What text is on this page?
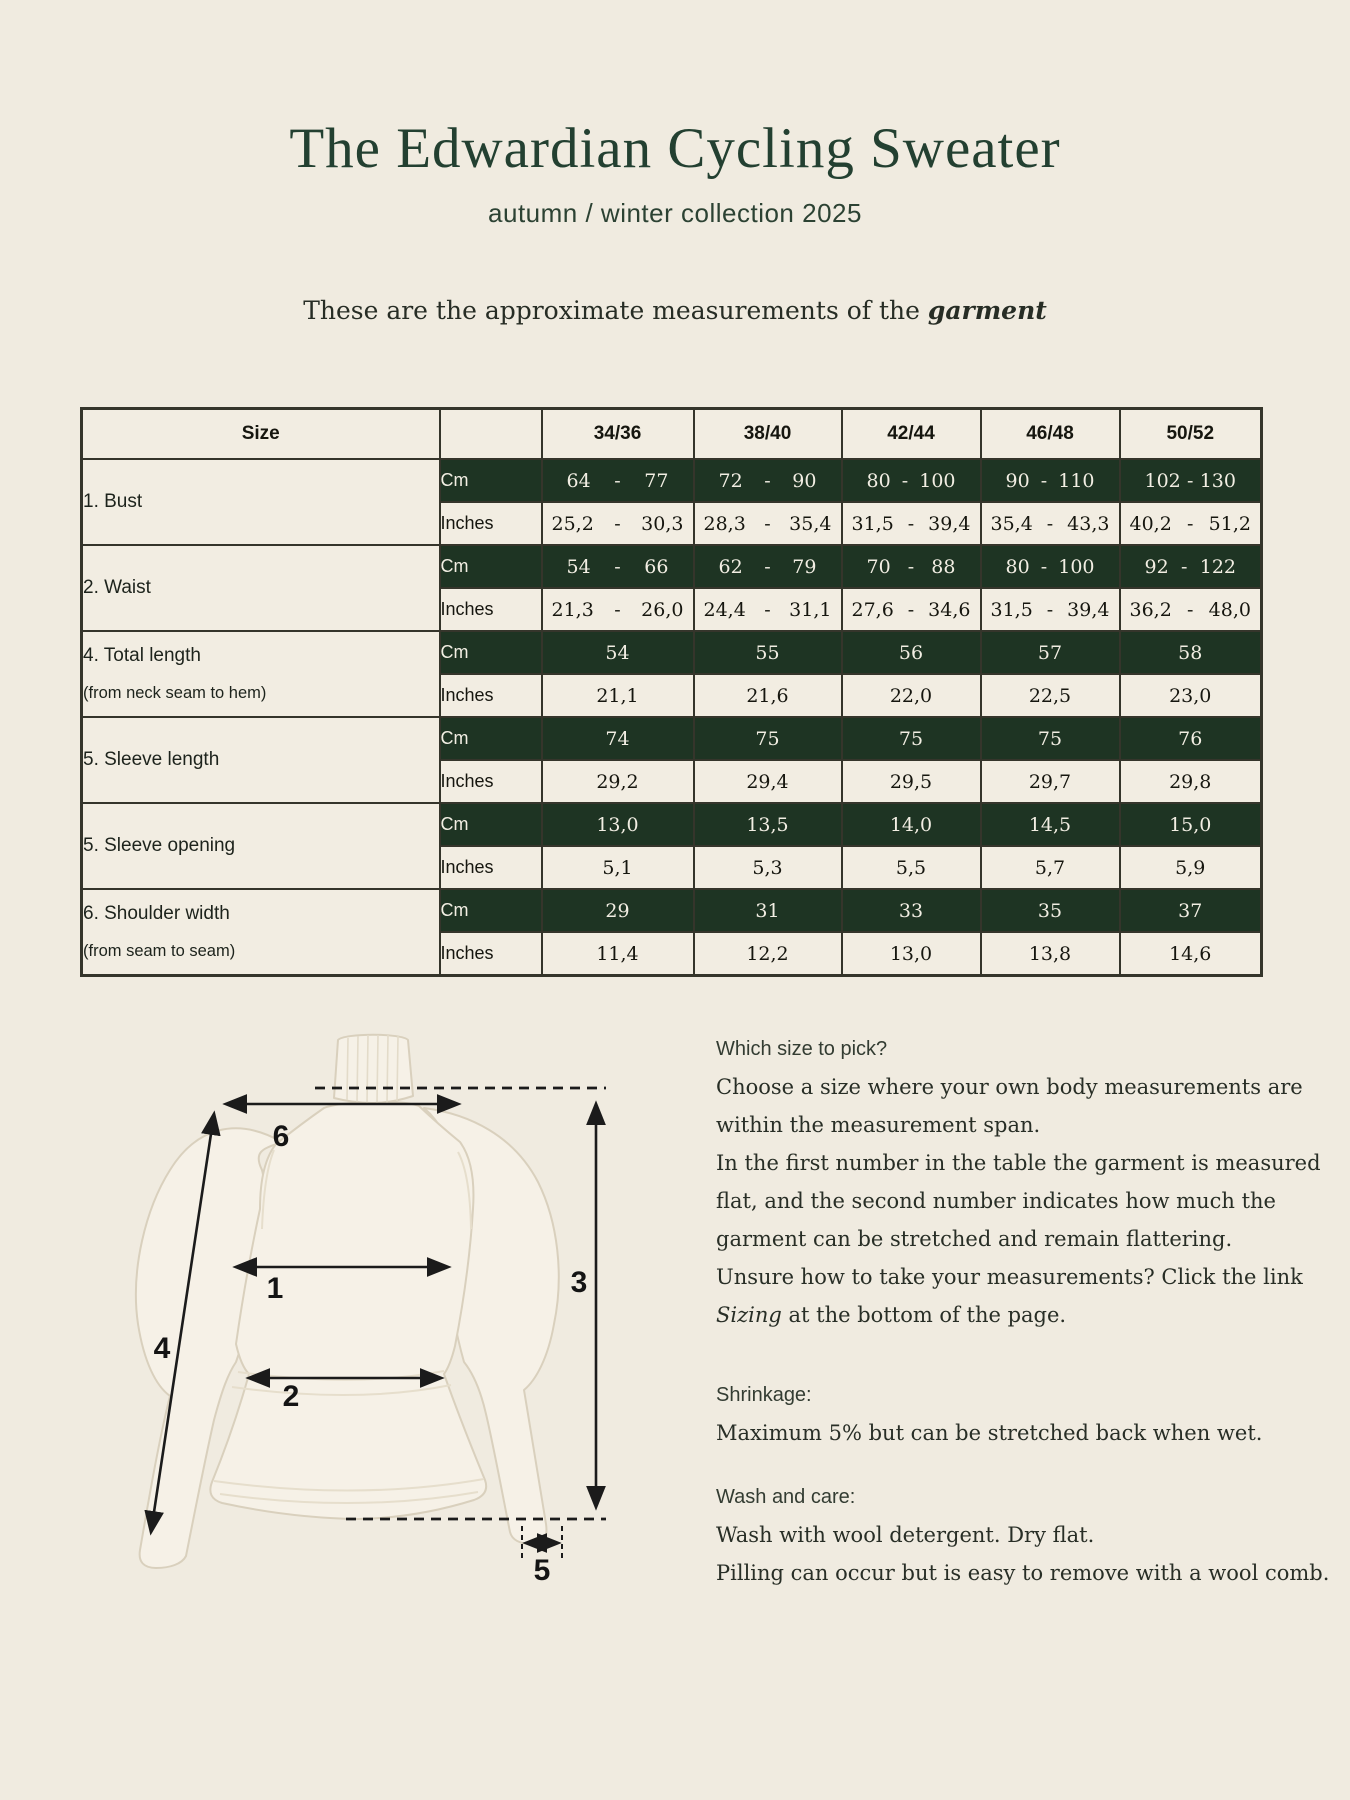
The Edwardian Cycling Sweater
autumn / winter collection 2025
These are the approximate measurements of the garment
Size		34/36	38/40	42/44	46/48	50/52

1. Bust	Cm	64 - 77	72 - 90	80 - 100	90 - 110	102 - 130

	Inches	25,2 - 30,3	28,3 - 35,4	31,5 - 39,4	35,4 - 43,3	40,2 - 51,2

2. Waist	Cm	54 - 66	62 - 79	70 - 88	80 - 100	92 - 122

	Inches	21,3 - 26,0	24,4 - 31,1	27,6 - 34,6	31,5 - 39,4	36,2 - 48,0

4. Total length
(from neck seam to hem)	Cm	54	55	56	57	58
	Inches	21,1	21,6	22,0	22,5	23,0

5. Sleeve length	Cm	74	75	75	75	76
	Inches	29,2	29,4	29,5	29,7	29,8

5. Sleeve opening	Cm	13,0	13,5	14,0	14,5	15,0
	Inches	5,1	5,3	5,5	5,7	5,9

6. Shoulder width
(from seam to seam)	Cm	29	31	33	35	37
	Inches	11,4	12,2	13,0	13,8	14,6
6
1
2
3
4
5
Which size to pick?
Choose a size where your own body measurements are
within the measurement span.
In the first number in the table the garment is measured
flat, and the second number indicates how much the
garment can be stretched and remain flattering.
Unsure how to take your measurements? Click the link
Sizing at the bottom of the page.
Shrinkage:
Maximum 5% but can be stretched back when wet.
Wash and care:
Wash with wool detergent. Dry flat.
Pilling can occur but is easy to remove with a wool comb.
